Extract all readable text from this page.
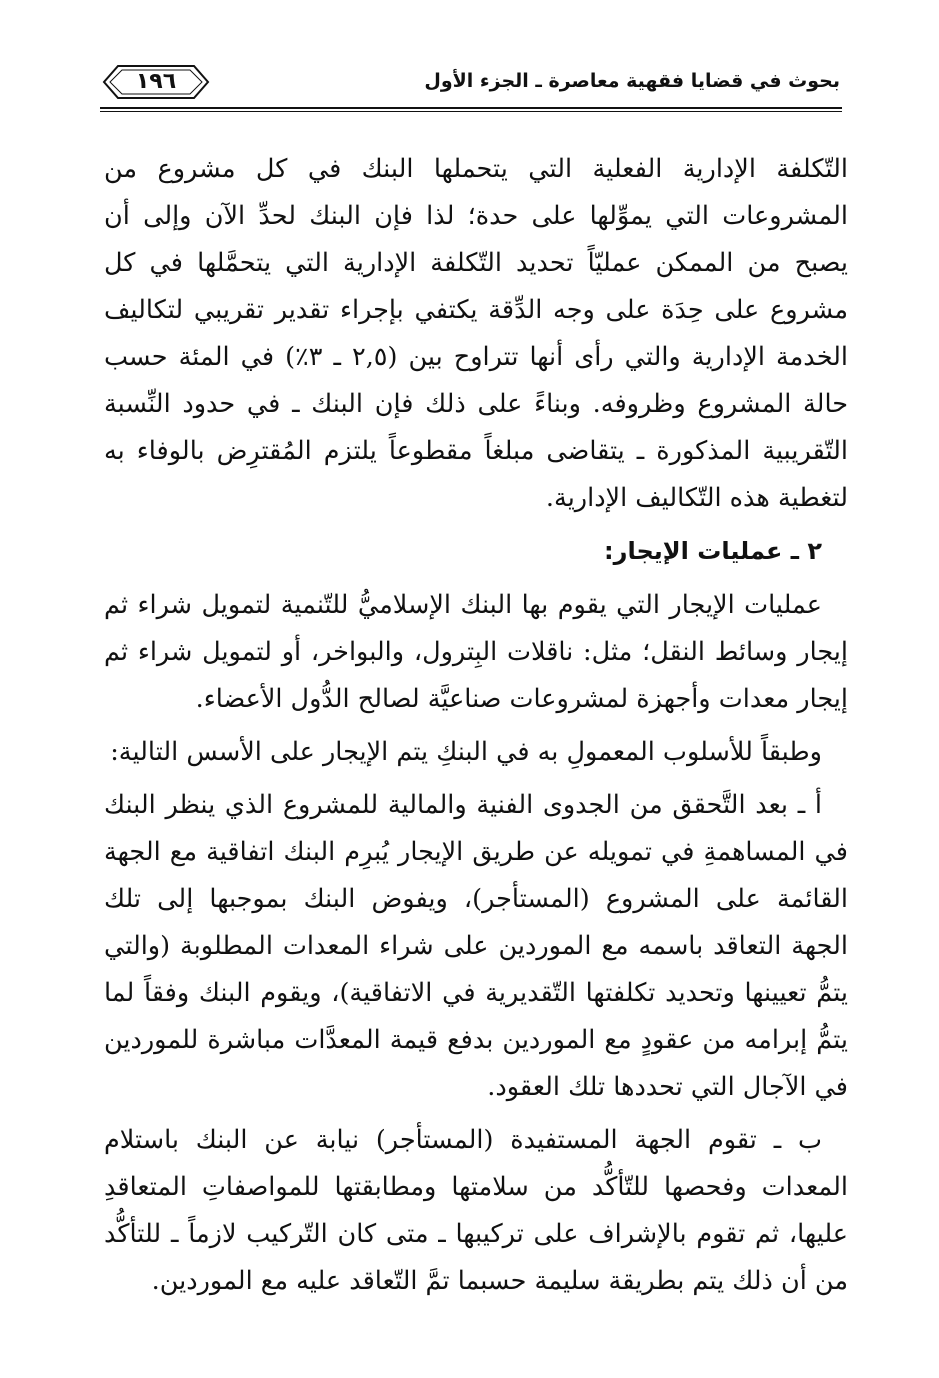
بحوث في قضايا فقهية معاصرة ـ الجزء الأول
١٩٦

التّكلفة الإدارية الفعلية التي يتحملها البنك في كل مشروع من المشروعات التي يموِّلها على حدة؛ لذا فإن البنك لحدِّ الآن وإلى أن يصبح من الممكن عمليّاً تحديد التّكلفة الإدارية التي يتحمَّلها في كل مشروع على حِدَة على وجه الدِّقة يكتفي بإجراء تقدير تقريبي لتكاليف الخدمة الإدارية والتي رأى أنها تتراوح بين (٢,٥ ـ ٣٪) في المئة حسب حالة المشروع وظروفه. وبناءً على ذلك فإن البنك ـ في حدود النِّسبة التّقريبية المذكورة ـ يتقاضى مبلغاً مقطوعاً يلتزم المُقترِض بالوفاء به لتغطية هذه التّكاليف الإدارية.

٢ ـ عمليات الإيجار:

عمليات الإيجار التي يقوم بها البنك الإسلاميُّ للتّنمية لتمويل شراء ثم إيجار وسائط النقل؛ مثل: ناقلات البِترول، والبواخر، أو لتمويل شراء ثم إيجار معدات وأجهزة لمشروعات صناعيَّة لصالح الدُّول الأعضاء.

وطبقاً للأسلوب المعمولِ به في البنكِ يتم الإيجار على الأسس التالية:

أ ـ بعد التَّحقق من الجدوى الفنية والمالية للمشروع الذي ينظر البنك في المساهمةِ في تمويله عن طريق الإيجار يُبرِم البنك اتفاقية مع الجهة القائمة على المشروع (المستأجر)، ويفوض البنك بموجبها إلى تلك الجهة التعاقد باسمه مع الموردين على شراء المعدات المطلوبة (والتي يتمُّ تعيينها وتحديد تكلفتها التّقديرية في الاتفاقية)، ويقوم البنك وفقاً لما يتمُّ إبرامه من عقودٍ مع الموردين بدفع قيمة المعدَّات مباشرة للموردين في الآجال التي تحددها تلك العقود.

ب ـ تقوم الجهة المستفيدة (المستأجر) نيابة عن البنك باستلام المعدات وفحصها للتّأكُّد من سلامتها ومطابقتها للمواصفاتِ المتعاقدِ عليها، ثم تقوم بالإشراف على تركيبها ـ متى كان التّركيب لازماً ـ للتأكُّد من أن ذلك يتم بطريقة سليمة حسبما تمَّ التّعاقد عليه مع الموردين.
